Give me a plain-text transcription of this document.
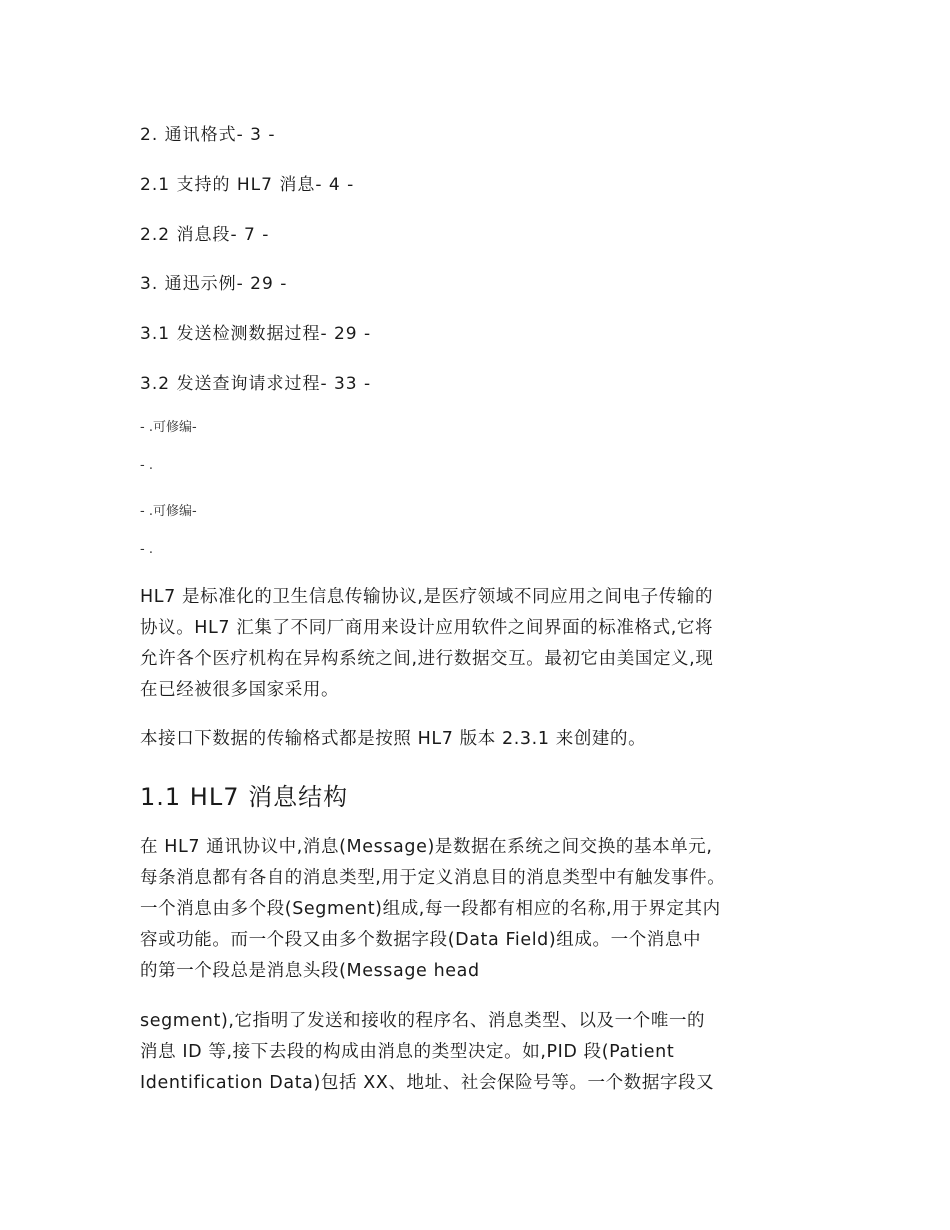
2. 通讯格式- 3 -
2.1 支持的 HL7 消息- 4 -
2.2 消息段- 7 -
3. 通迅示例- 29 -
3.1 发送检测数据过程- 29 -
3.2 发送查询请求过程- 33 -
- .可修编-
- .
- .可修编-
- .

HL7 是标准化的卫生信息传输协议,是医疗领域不同应用之间电子传输的
协议。HL7 汇集了不同厂商用来设计应用软件之间界面的标准格式,它将
允许各个医疗机构在异构系统之间,进行数据交互。最初它由美国定义,现
在已经被很多国家采用。

本接口下数据的传输格式都是按照 HL7 版本 2.3.1 来创建的。

1.1 HL7 消息结构

在 HL7 通讯协议中,消息(Message)是数据在系统之间交换的基本单元,
每条消息都有各自的消息类型,用于定义消息目的消息类型中有触发事件。
一个消息由多个段(Segment)组成,每一段都有相应的名称,用于界定其内
容或功能。而一个段又由多个数据字段(Data Field)组成。一个消息中
的第一个段总是消息头段(Message head

segment),它指明了发送和接收的程序名、消息类型、以及一个唯一的
消息 ID 等,接下去段的构成由消息的类型决定。如,PID 段(Patient
Identification Data)包括 XX、地址、社会保险号等。一个数据字段又
